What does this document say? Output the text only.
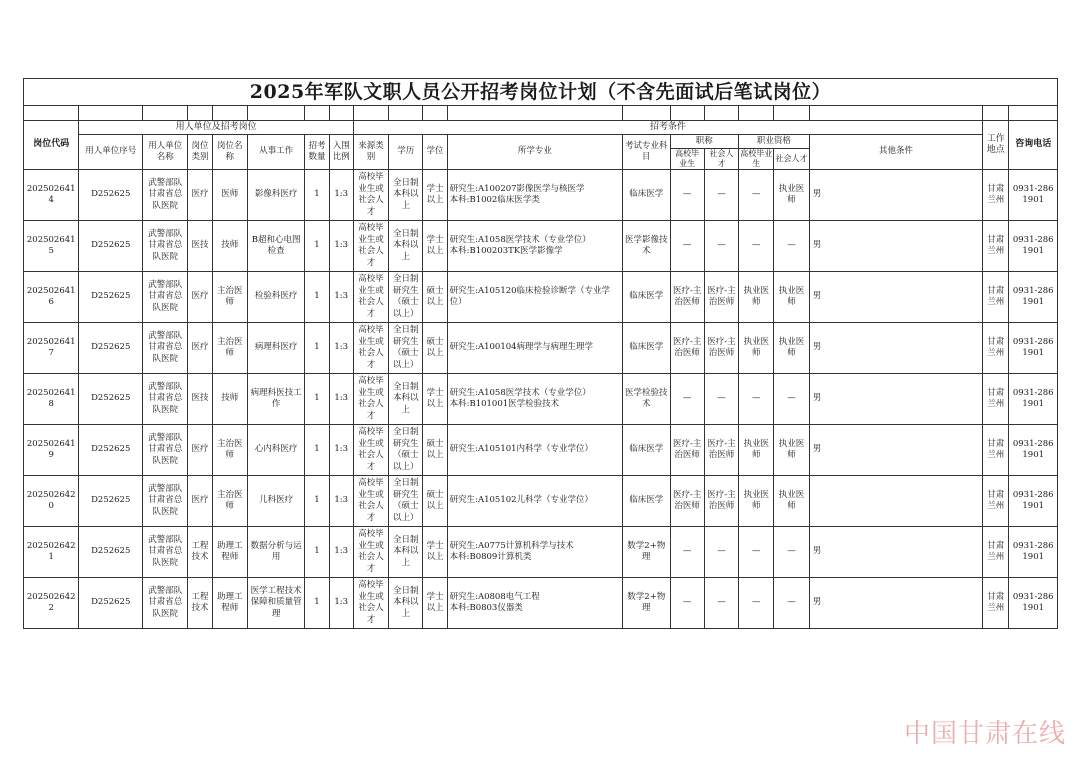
2025年军队文职人员公开招考岗位计划（不含先面试后笔试岗位）																			

岗位代码	用人单位及招考岗位							招考条件										工作地点	咨询电话
	用人单位序号	用人单位名称	岗位类别	岗位名称	从事工作	招考数量	入围比例	来源类别	学历	学位	所学专业	考试专业科目	职称		职业资格		其他条件		
													高校毕业生	社会人才	高校毕业生	社会人才			
2025026414	D252625	武警部队甘肃省总队医院	医疗	医师	影像科医疗	1	1:3	高校毕业生或社会人才	全日制本科以上	学士以上	研究生:A100207影像医学与核医学
本科:B1002临床医学类	临床医学	—	—	—	执业医师	男	甘肃兰州	0931-2861901
2025026415	D252625	武警部队甘肃省总队医院	医技	技师	B超和心电图检查	1	1:3	高校毕业生或社会人才	全日制本科以上	学士以上	研究生:A1058医学技术（专业学位）
本科:B100203TK医学影像学	医学影像技术	—	—	—	—	男	甘肃兰州	0931-2861901
2025026416	D252625	武警部队甘肃省总队医院	医疗	主治医师	检验科医疗	1	1:3	高校毕业生或社会人才	全日制研究生（硕士以上）	硕士以上	研究生:A105120临床检验诊断学（专业学位）	临床医学	医疗-主治医师	医疗-主治医师	执业医师	执业医师	男	甘肃兰州	0931-2861901
2025026417	D252625	武警部队甘肃省总队医院	医疗	主治医师	病理科医疗	1	1:3	高校毕业生或社会人才	全日制研究生（硕士以上）	硕士以上	研究生:A100104病理学与病理生理学	临床医学	医疗-主治医师	医疗-主治医师	执业医师	执业医师	男	甘肃兰州	0931-2861901
2025026418	D252625	武警部队甘肃省总队医院	医技	技师	病理科医技工作	1	1:3	高校毕业生或社会人才	全日制本科以上	学士以上	研究生:A1058医学技术（专业学位）
本科:B101001医学检验技术	医学检验技术	—	—	—	—	男	甘肃兰州	0931-2861901
2025026419	D252625	武警部队甘肃省总队医院	医疗	主治医师	心内科医疗	1	1:3	高校毕业生或社会人才	全日制研究生（硕士以上）	硕士以上	研究生:A105101内科学（专业学位）	临床医学	医疗-主治医师	医疗-主治医师	执业医师	执业医师	男	甘肃兰州	0931-2861901
2025026420	D252625	武警部队甘肃省总队医院	医疗	主治医师	儿科医疗	1	1:3	高校毕业生或社会人才	全日制研究生（硕士以上）	硕士以上	研究生:A105102儿科学（专业学位）	临床医学	医疗-主治医师	医疗-主治医师	执业医师	执业医师		甘肃兰州	0931-2861901
2025026421	D252625	武警部队甘肃省总队医院	工程技术	助理工程师	数据分析与运用	1	1:3	高校毕业生或社会人才	全日制本科以上	学士以上	研究生:A0775计算机科学与技术
本科:B0809计算机类	数学2+物理	—	—	—	—	男	甘肃兰州	0931-2861901
2025026422	D252625	武警部队甘肃省总队医院	工程技术	助理工程师	医学工程技术保障和质量管理	1	1:3	高校毕业生或社会人才	全日制本科以上	学士以上	研究生:A0808电气工程
本科:B0803仪器类	数学2+物理	—	—	—	—	男	甘肃兰州	0931-2861901
中国甘肃在线
